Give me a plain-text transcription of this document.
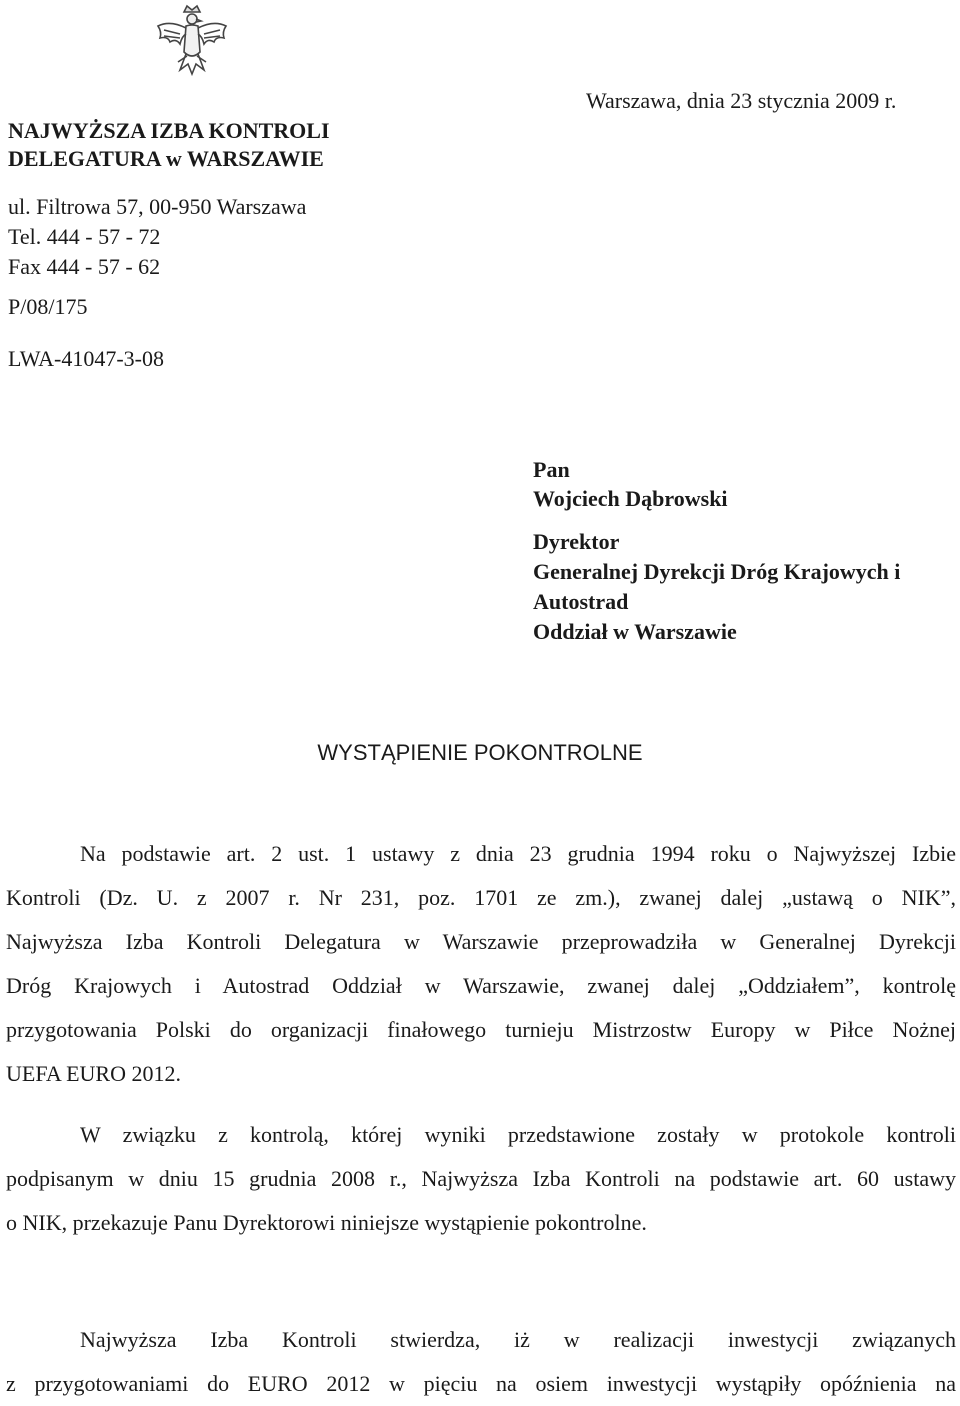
NAJWYŻSZA IZBA KONTROLI
DELEGATURA w WARSZAWIE
ul. Filtrowa 57, 00-950 Warszawa
Tel. 444 - 57 - 72
Fax 444 - 57 - 62
P/08/175
LWA-41047-3-08
Warszawa, dnia 23 stycznia 2009 r.
Pan
Wojciech Dąbrowski
Dyrektor
Generalnej Dyrekcji Dróg Krajowych i
Autostrad
Oddział w Warszawie
WYSTĄPIENIE POKONTROLNE
Na podstawie art. 2 ust. 1 ustawy z dnia 23 grudnia 1994 roku o Najwyższej Izbie
Kontroli (Dz. U. z 2007 r. Nr 231, poz. 1701 ze zm.), zwanej dalej „ustawą o NIK”,
Najwyższa Izba Kontroli Delegatura w Warszawie przeprowadziła w Generalnej Dyrekcji
Dróg Krajowych i Autostrad Oddział w Warszawie, zwanej dalej „Oddziałem”, kontrolę
przygotowania Polski do organizacji finałowego turnieju Mistrzostw Europy w Piłce Nożnej
UEFA EURO 2012.
W związku z kontrolą, której wyniki przedstawione zostały w protokole kontroli
podpisanym w dniu 15 grudnia 2008 r., Najwyższa Izba Kontroli na podstawie art. 60 ustawy
o NIK, przekazuje Panu Dyrektorowi niniejsze wystąpienie pokontrolne.
Najwyższa Izba Kontroli stwierdza, iż w realizacji inwestycji związanych
z przygotowaniami do EURO 2012 w pięciu na osiem inwestycji wystąpiły opóźnienia na
